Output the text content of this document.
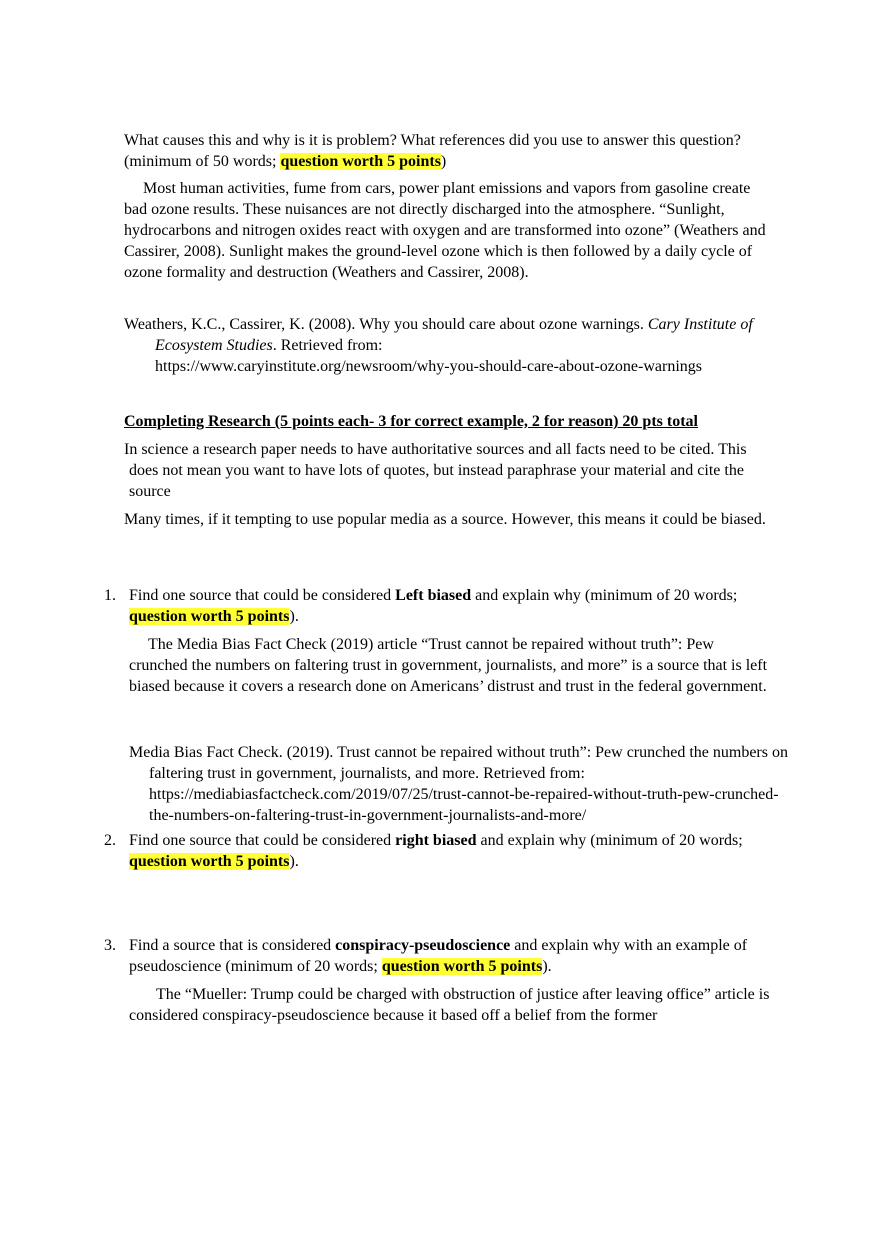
What causes this and why is it is problem? What references did you use to answer this question? (minimum of 50 words; question worth 5 points)

Most human activities, fume from cars, power plant emissions and vapors from gasoline create bad ozone results. These nuisances are not directly discharged into the atmosphere. “Sunlight, hydrocarbons and nitrogen oxides react with oxygen and are transformed into ozone” (Weathers and Cassirer, 2008). Sunlight makes the ground-level ozone which is then followed by a daily cycle of ozone formality and destruction (Weathers and Cassirer, 2008).

Weathers, K.C., Cassirer, K. (2008). Why you should care about ozone warnings. Cary Institute of Ecosystem Studies. Retrieved from:
https://www.caryinstitute.org/newsroom/why-you-should-care-about-ozone-warnings

Completing Research (5 points each- 3 for correct example, 2 for reason) 20 pts total

In science a research paper needs to have authoritative sources and all facts need to be cited. This does not mean you want to have lots of quotes, but instead paraphrase your material and cite the source

Many times, if it tempting to use popular media as a source. However, this means it could be biased.

1. Find one source that could be considered Left biased and explain why (minimum of 20 words; question worth 5 points).

The Media Bias Fact Check (2019) article “Trust cannot be repaired without truth”: Pew crunched the numbers on faltering trust in government, journalists, and more” is a source that is left biased because it covers a research done on Americans’ distrust and trust in the federal government.

Media Bias Fact Check. (2019). Trust cannot be repaired without truth”: Pew crunched the numbers on faltering trust in government, journalists, and more. Retrieved from: https://mediabiasfactcheck.com/2019/07/25/trust-cannot-be-repaired-without-truth-pew-crunched-the-numbers-on-faltering-trust-in-government-journalists-and-more/

2. Find one source that could be considered right biased and explain why (minimum of 20 words; question worth 5 points).

3. Find a source that is considered conspiracy-pseudoscience and explain why with an example of pseudoscience (minimum of 20 words; question worth 5 points).

The “Mueller: Trump could be charged with obstruction of justice after leaving office” article is considered conspiracy-pseudoscience because it based off a belief from the former
